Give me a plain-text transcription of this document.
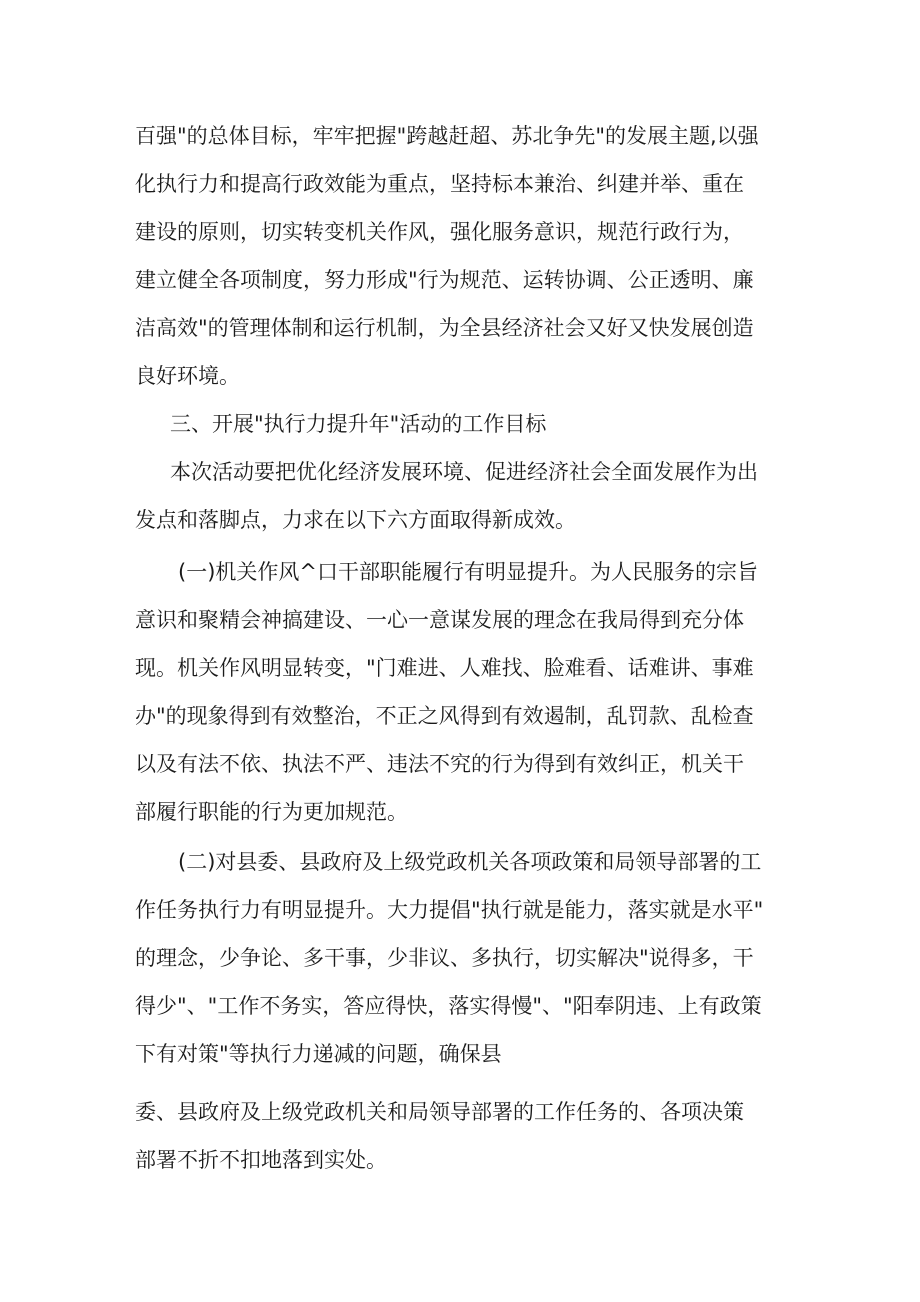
百强"的总体目标，牢牢把握"跨越赶超、苏北争先"的发展主题,以强
化执行力和提高行政效能为重点，坚持标本兼治、纠建并举、重在
建设的原则，切实转变机关作风，强化服务意识，规范行政行为，
建立健全各项制度，努力形成"行为规范、运转协调、公正透明、廉
洁高效"的管理体制和运行机制，为全县经济社会又好又快发展创造
良好环境。
三、开展"执行力提升年"活动的工作目标
本次活动要把优化经济发展环境、促进经济社会全面发展作为出
发点和落脚点，力求在以下六方面取得新成效。
(一)机关作风^口干部职能履行有明显提升。为人民服务的宗旨
意识和聚精会神搞建设、一心一意谋发展的理念在我局得到充分体
现。机关作风明显转变，"门难进、人难找、脸难看、话难讲、事难
办"的现象得到有效整治，不正之风得到有效遏制，乱罚款、乱检查
以及有法不依、执法不严、违法不究的行为得到有效纠正，机关干
部履行职能的行为更加规范。
(二)对县委、县政府及上级党政机关各项政策和局领导部署的工
作任务执行力有明显提升。大力提倡"执行就是能力，落实就是水平"
的理念，少争论、多干事，少非议、多执行，切实解决"说得多，干
得少"、"工作不务实，答应得快，落实得慢"、"阳奉阴违、上有政策
下有对策"等执行力递减的问题，确保县
委、县政府及上级党政机关和局领导部署的工作任务的、各项决策
部署不折不扣地落到实处。
